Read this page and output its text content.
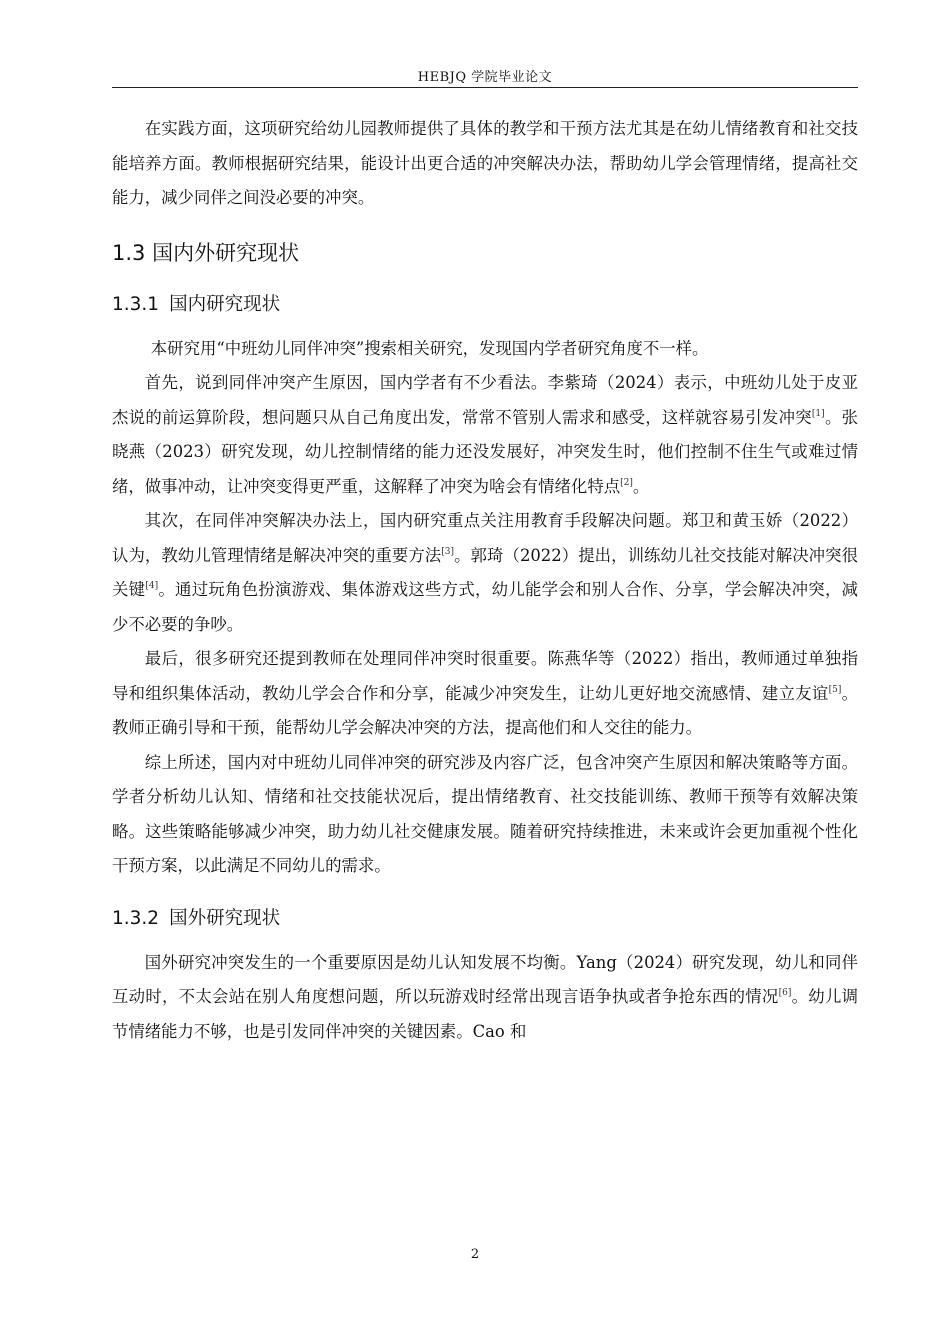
HEBJQ 学院毕业论文

在实践方面，这项研究给幼儿园教师提供了具体的教学和干预方法尤其是在幼儿情绪教育和社交技能培养方面。教师根据研究结果，能设计出更合适的冲突解决办法，帮助幼儿学会管理情绪，提高社交能力，减少同伴之间没必要的冲突。

1.3 国内外研究现状
1.3.1 国内研究现状

本研究用“中班幼儿同伴冲突”搜索相关研究，发现国内学者研究角度不一样。

首先，说到同伴冲突产生原因，国内学者有不少看法。李紫琦（2024）表示，中班幼儿处于皮亚杰说的前运算阶段，想问题只从自己角度出发，常常不管别人需求和感受，这样就容易引发冲突[1]。张晓燕（2023）研究发现，幼儿控制情绪的能力还没发展好，冲突发生时，他们控制不住生气或难过情绪，做事冲动，让冲突变得更严重，这解释了冲突为啥会有情绪化特点[2]。

其次，在同伴冲突解决办法上，国内研究重点关注用教育手段解决问题。郑卫和黄玉娇（2022）认为，教幼儿管理情绪是解决冲突的重要方法[3]。郭琦（2022）提出，训练幼儿社交技能对解决冲突很关键[4]。通过玩角色扮演游戏、集体游戏这些方式，幼儿能学会和别人合作、分享，学会解决冲突，减少不必要的争吵。

最后，很多研究还提到教师在处理同伴冲突时很重要。陈燕华等（2022）指出，教师通过单独指导和组织集体活动，教幼儿学会合作和分享，能减少冲突发生，让幼儿更好地交流感情、建立友谊[5]。教师正确引导和干预，能帮幼儿学会解决冲突的方法，提高他们和人交往的能力。

综上所述，国内对中班幼儿同伴冲突的研究涉及内容广泛，包含冲突产生原因和解决策略等方面。学者分析幼儿认知、情绪和社交技能状况后，提出情绪教育、社交技能训练、教师干预等有效解决策略。这些策略能够减少冲突，助力幼儿社交健康发展。随着研究持续推进，未来或许会更加重视个性化干预方案，以此满足不同幼儿的需求。

1.3.2 国外研究现状

国外研究冲突发生的一个重要原因是幼儿认知发展不均衡。Yang（2024）研究发现，幼儿和同伴互动时，不太会站在别人角度想问题，所以玩游戏时经常出现言语争执或者争抢东西的情况[6]。幼儿调节情绪能力不够，也是引发同伴冲突的关键因素。Cao 和

2
